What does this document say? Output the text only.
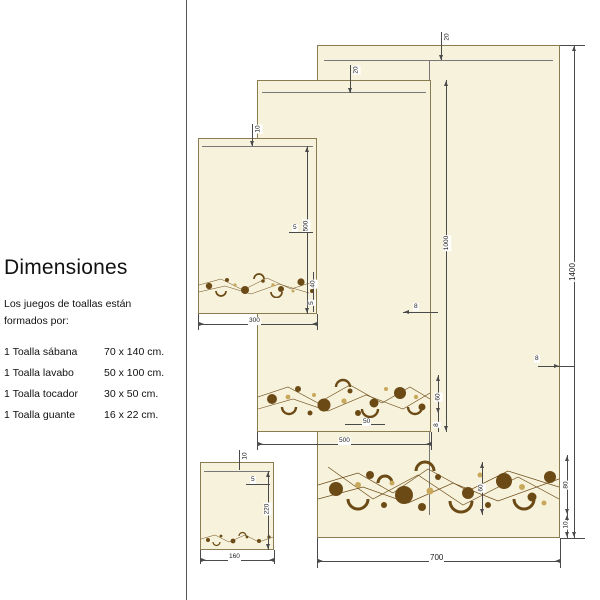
Dimensiones
Los juegos de toallas están
formados por:
1 Toalla sábana	70 x 140 cm.
1 Toalla lavabo	50 x 100 cm.
1 Toalla tocador	30 x 50 cm.
1 Toalla guante	16 x 22 cm.
1400
700
20
8
80
60
10
1000
500
20
8
60
8
50
500
300
10
5
40
5
220
160
10
5
